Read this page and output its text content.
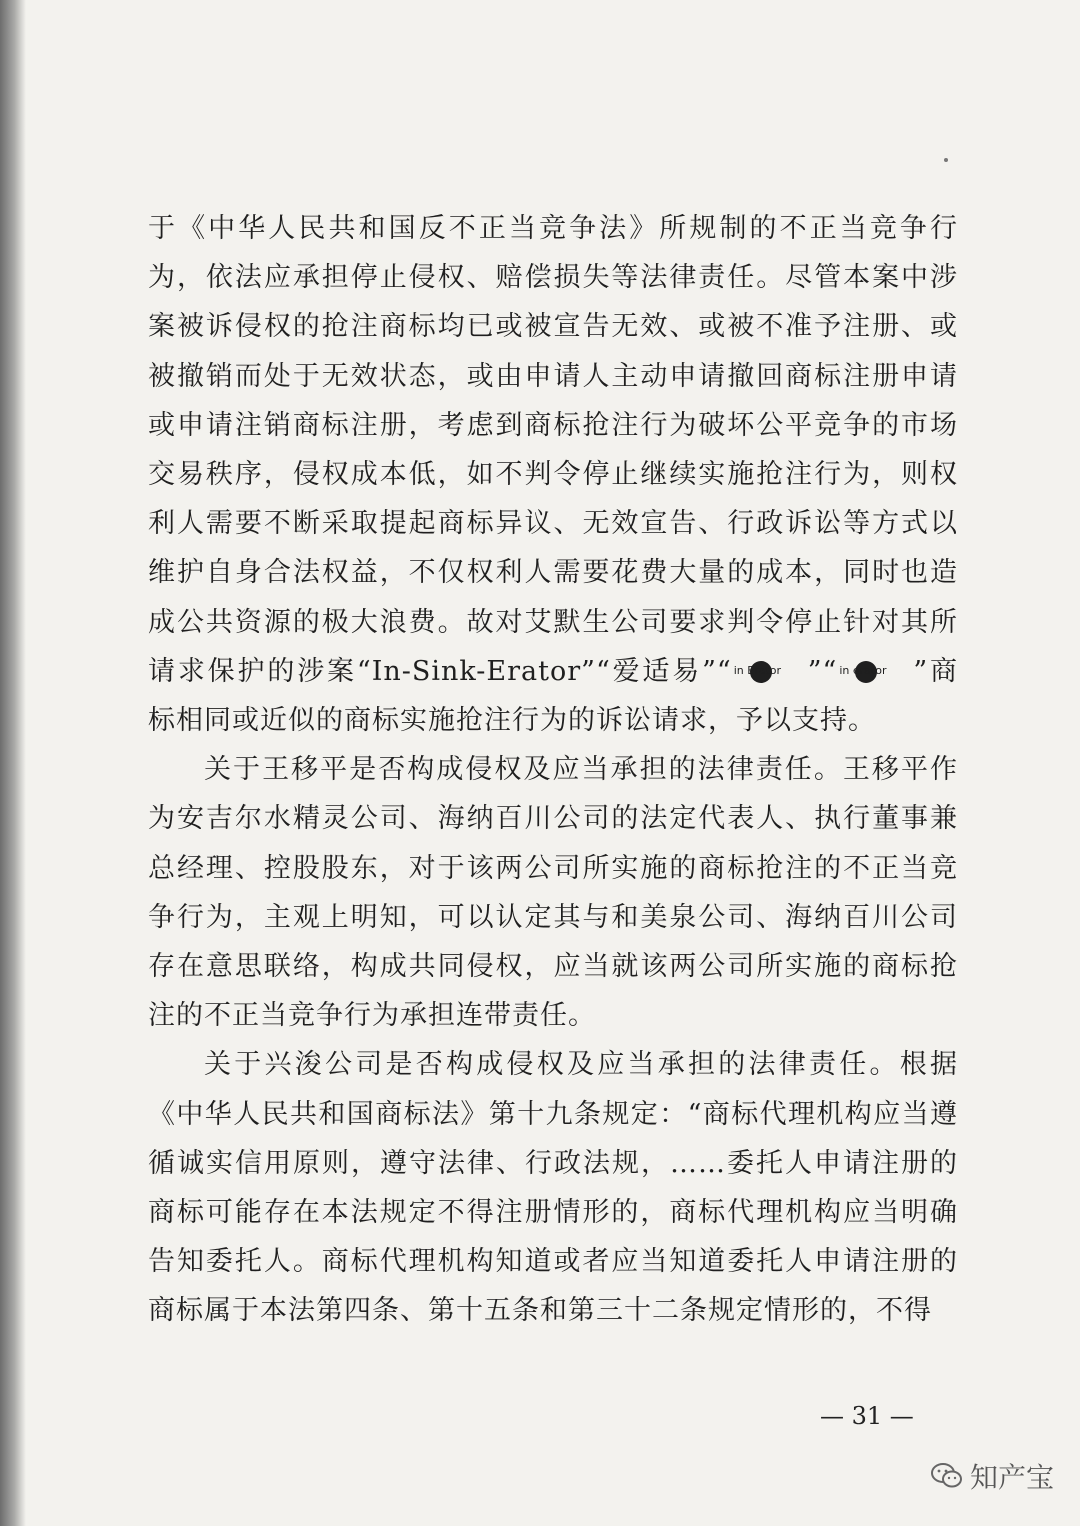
于《中华人民共和国反不正当竞争法》所规制的不正当竞争行为，依法应承担停止侵权、赔偿损失等法律责任。尽管本案中涉案被诉侵权的抢注商标均已或被宣告无效、或被不准予注册、或被撤销而处于无效状态，或由申请人主动申请撤回商标注册申请或申请注销商标注册，考虑到商标抢注行为破坏公平竞争的市场交易秩序，侵权成本低，如不判令停止继续实施抢注行为，则权利人需要不断采取提起商标异议、无效宣告、行政诉讼等方式以维护自身合法权益，不仅权利人需要花费大量的成本，同时也造成公共资源的极大浪费。故对艾默生公司要求判令停止针对其所请求保护的涉案“In-Sink-Erator”“爱适易”“ in Erator ”“ in erator ”商标相同或近似的商标实施抢注行为的诉讼请求，予以支持。

关于王移平是否构成侵权及应当承担的法律责任。王移平作为安吉尔水精灵公司、海纳百川公司的法定代表人、执行董事兼总经理、控股股东，对于该两公司所实施的商标抢注的不正当竞争行为，主观上明知，可以认定其与和美泉公司、海纳百川公司存在意思联络，构成共同侵权，应当就该两公司所实施的商标抢注的不正当竞争行为承担连带责任。

关于兴浚公司是否构成侵权及应当承担的法律责任。根据《中华人民共和国商标法》第十九条规定：“商标代理机构应当遵循诚实信用原则，遵守法律、行政法规，……委托人申请注册的商标可能存在本法规定不得注册情形的，商标代理机构应当明确告知委托人。商标代理机构知道或者应当知道委托人申请注册的商标属于本法第四条、第十五条和第三十二条规定情形的，不得

— 31 —
知产宝
